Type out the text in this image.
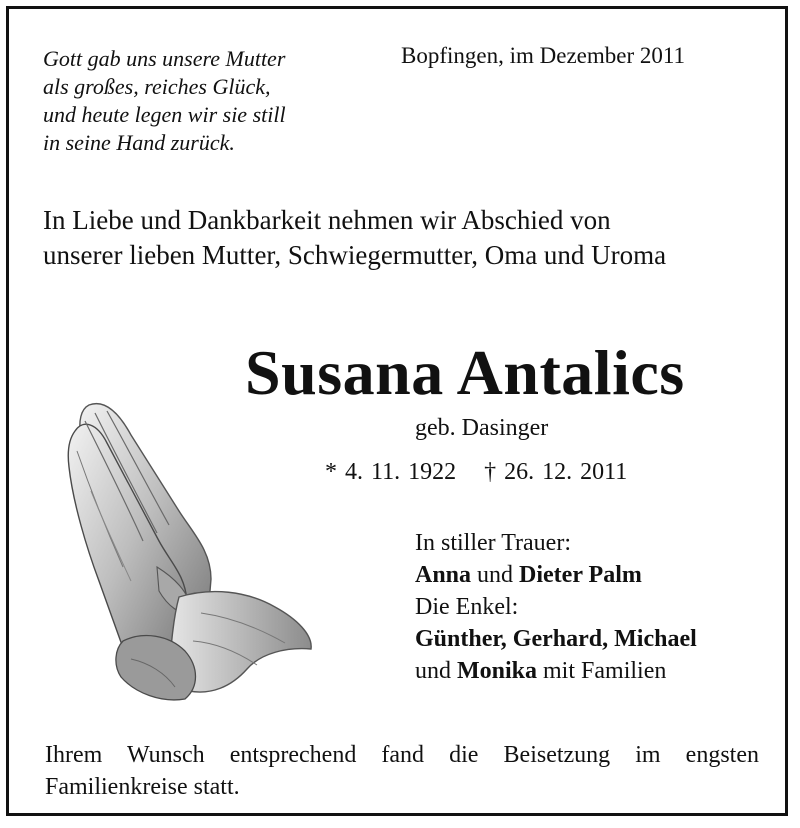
Gott gab uns unsere Mutter
als großes, reiches Glück,
und heute legen wir sie still
in seine Hand zurück.
Bopfingen, im Dezember 2011
In Liebe und Dankbarkeit nehmen wir Abschied von
unserer lieben Mutter, Schwiegermutter, Oma und Uroma
Susana Antalics
geb. Dasinger
* 4. 11. 1922 † 26. 12. 2011
In stiller Trauer:
Anna und Dieter Palm
Die Enkel:
Günther, Gerhard, Michael
und Monika mit Familien
Ihrem Wunsch entsprechend fand die Beisetzung im engsten Familienkreise statt.
